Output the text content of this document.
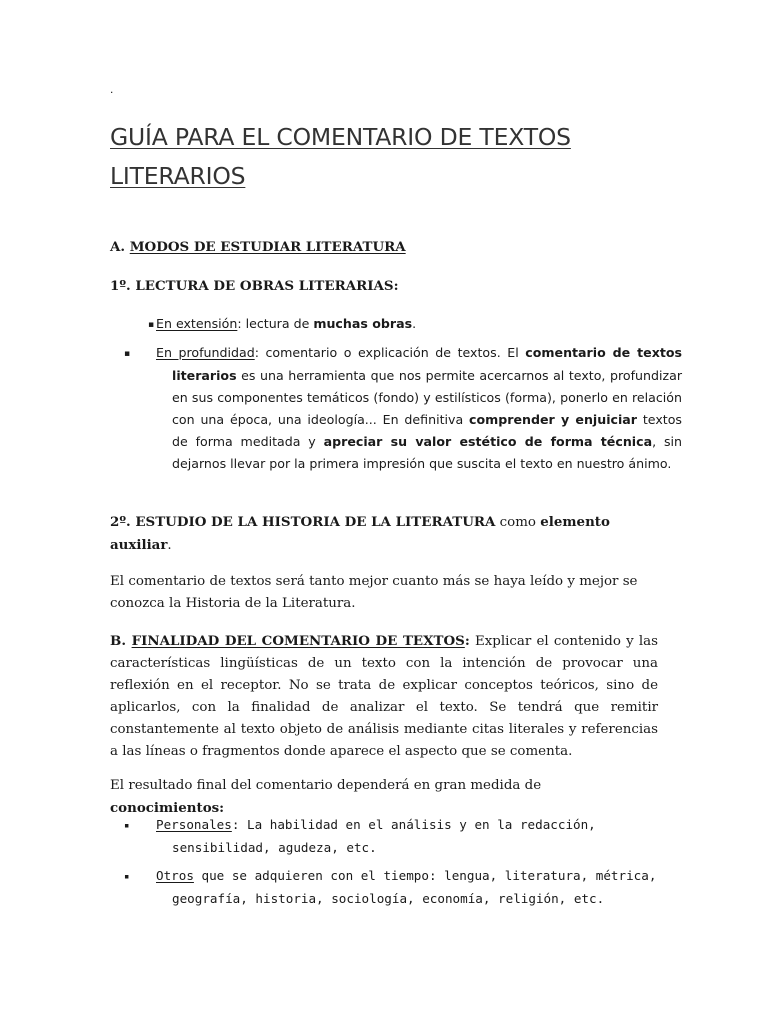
.
GUÍA PARA EL COMENTARIO DE TEXTOS LITERARIOS

A. MODOS DE ESTUDIAR LITERATURA

1º. LECTURA DE OBRAS LITERARIAS:

▪ En extensión: lectura de muchas obras.

▪ En profundidad: comentario o explicación de textos. El comentario de textos literarios es una herramienta que nos permite acercarnos al texto, profundizar en sus componentes temáticos (fondo) y estilísticos (forma), ponerlo en relación con una época, una ideología... En definitiva comprender y enjuiciar textos de forma meditada y apreciar su valor estético de forma técnica, sin dejarnos llevar por la primera impresión que suscita el texto en nuestro ánimo.

2º. ESTUDIO DE LA HISTORIA DE LA LITERATURA como elemento auxiliar.

El comentario de textos será tanto mejor cuanto más se haya leído y mejor se conozca la Historia de la Literatura.

B. FINALIDAD DEL COMENTARIO DE TEXTOS: Explicar el contenido y las características lingüísticas de un texto con la intención de provocar una reflexión en el receptor. No se trata de explicar conceptos teóricos, sino de aplicarlos, con la finalidad de analizar el texto. Se tendrá que remitir constantemente al texto objeto de análisis mediante citas literales y referencias a las líneas o fragmentos donde aparece el aspecto que se comenta.

El resultado final del comentario dependerá en gran medida de conocimientos:

▪ Personales: La habilidad en el análisis y en la redacción, sensibilidad, agudeza, etc.

▪ Otros que se adquieren con el tiempo: lengua, literatura, métrica, geografía, historia, sociología, economía, religión, etc.
